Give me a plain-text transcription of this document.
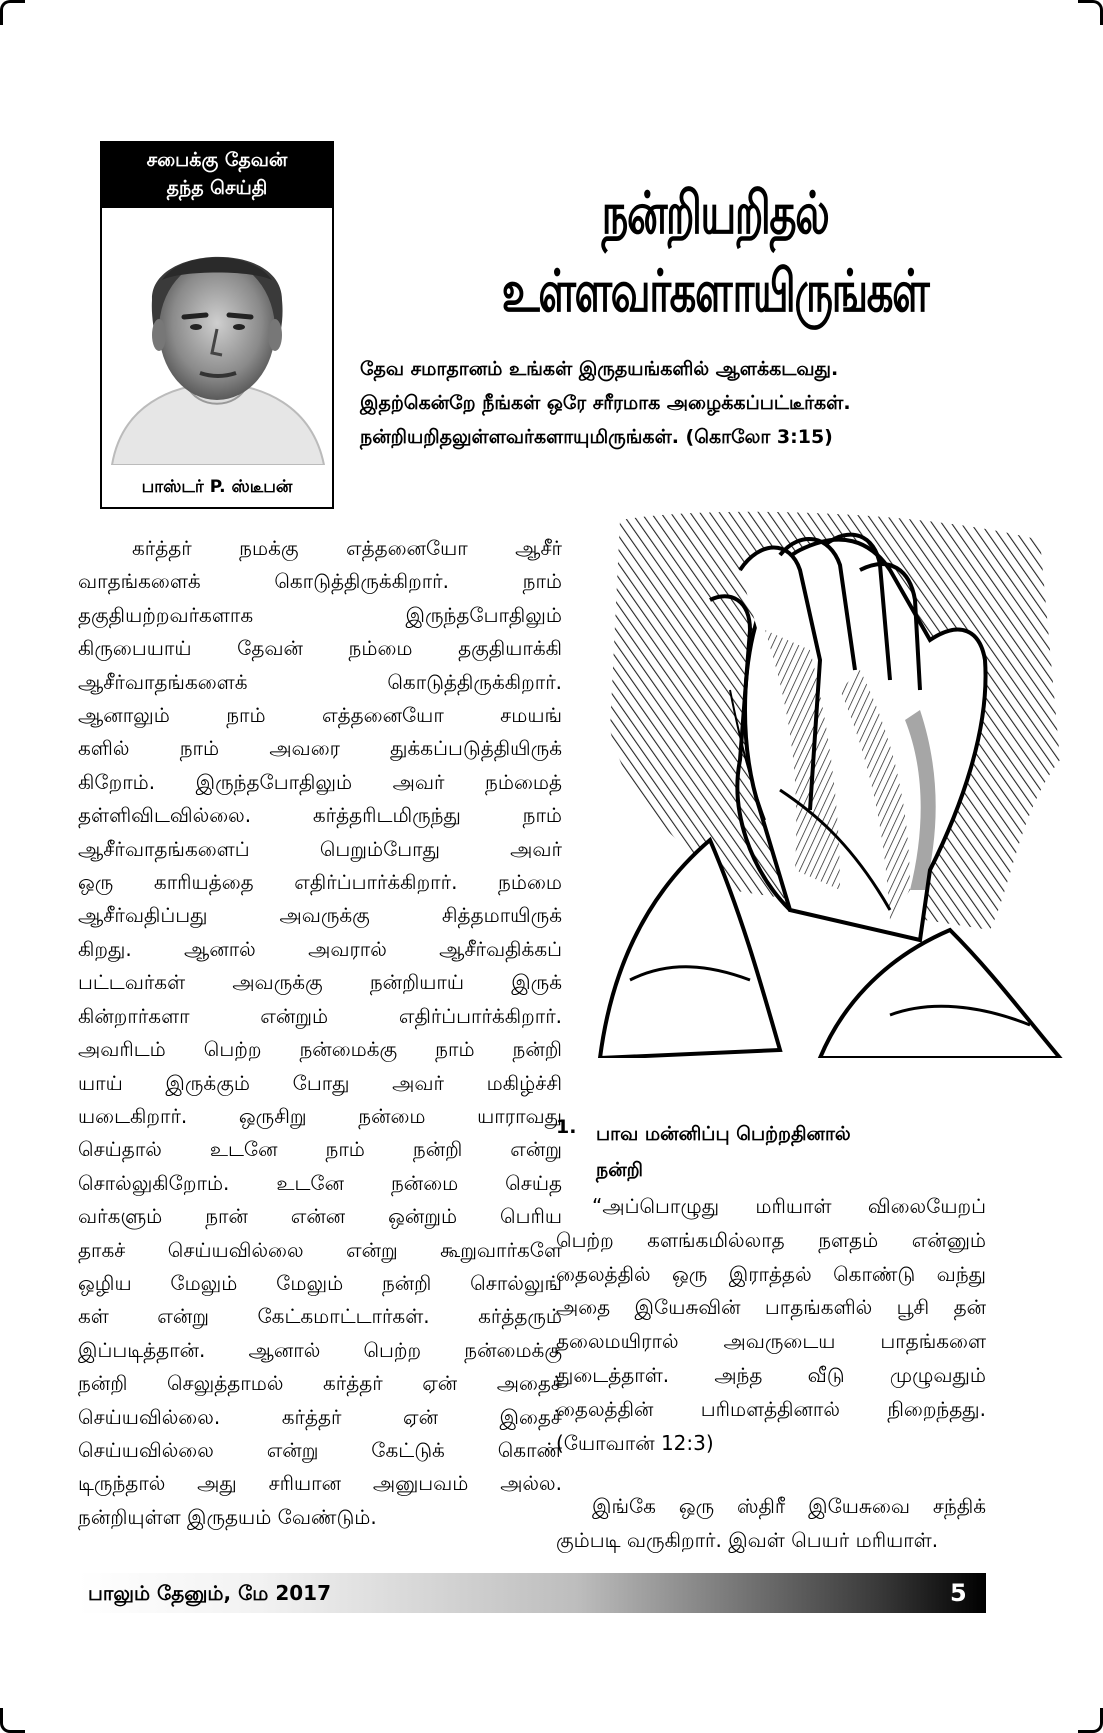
சபைக்கு தேவன்
தந்த செய்தி
பாஸ்டர் P. ஸ்டீபன்
நன்றியறிதல்
உள்ளவர்களாயிருங்கள்
தேவ சமாதானம் உங்கள் இருதயங்களில் ஆளக்கடவது.
இதற்கென்றே நீங்கள் ஒரே சரீரமாக அழைக்கப்பட்டீர்கள்.
நன்றியறிதலுள்ளவர்களாயுமிருங்கள். (கொலோ 3:15)
கர்த்தர் நமக்கு எத்தனையோ ஆசீர்
வாதங்களைக் கொடுத்திருக்கிறார். நாம்
தகுதியற்றவர்களாக இருந்தபோதிலும்
கிருபையாய் தேவன் நம்மை தகுதியாக்கி
ஆசீர்வாதங்களைக் கொடுத்திருக்கிறார்.
ஆனாலும் நாம் எத்தனையோ சமயங்
களில் நாம் அவரை துக்கப்படுத்தியிருக்
கிறோம். இருந்தபோதிலும் அவர் நம்மைத்
தள்ளிவிடவில்லை. கர்த்தரிடமிருந்து நாம்
ஆசீர்வாதங்களைப் பெறும்போது அவர்
ஒரு காரியத்தை எதிர்ப்பார்க்கிறார். நம்மை
ஆசீர்வதிப்பது அவருக்கு சித்தமாயிருக்
கிறது. ஆனால் அவரால் ஆசீர்வதிக்கப்
பட்டவர்கள் அவருக்கு நன்றியாய் இருக்
கின்றார்களா என்றும் எதிர்ப்பார்க்கிறார்.
அவரிடம் பெற்ற நன்மைக்கு நாம் நன்றி
யாய் இருக்கும் போது அவர் மகிழ்ச்சி
யடைகிறார். ஒருசிறு நன்மை யாராவது
செய்தால் உடனே நாம் நன்றி என்று
சொல்லுகிறோம். உடனே நன்மை செய்த
வர்களும் நான் என்ன ஒன்றும் பெரிய
தாகச் செய்யவில்லை என்று கூறுவார்களே
ஒழிய மேலும் மேலும் நன்றி சொல்லுங்
கள் என்று கேட்கமாட்டார்கள். கர்த்தரும்
இப்படித்தான். ஆனால் பெற்ற நன்மைக்கு
நன்றி செலுத்தாமல் கர்த்தர் ஏன் அதைச்
செய்யவில்லை. கர்த்தர் ஏன் இதைச்
செய்யவில்லை என்று கேட்டுக் கொண்
டிருந்தால் அது சரியான அனுபவம் அல்ல.
நன்றியுள்ள இருதயம் வேண்டும்.
1. பாவ மன்னிப்பு பெற்றதினால்
நன்றி
“அப்பொழுது மரியாள் விலையேறப்
பெற்ற களங்கமில்லாத நளதம் என்னும்
தைலத்தில் ஒரு இராத்தல் கொண்டு வந்து
அதை இயேசுவின் பாதங்களில் பூசி தன்
தலைமயிரால் அவருடைய பாதங்களை
துடைத்தாள். அந்த வீடு முழுவதும்
தைலத்தின் பரிமளத்தினால் நிறைந்தது.
(யோவான் 12:3)
இங்கே ஒரு ஸ்திரீ இயேசுவை சந்திக்
கும்படி வருகிறார். இவள் பெயர் மரியாள்.
பாலும் தேனும், மே 2017	5
